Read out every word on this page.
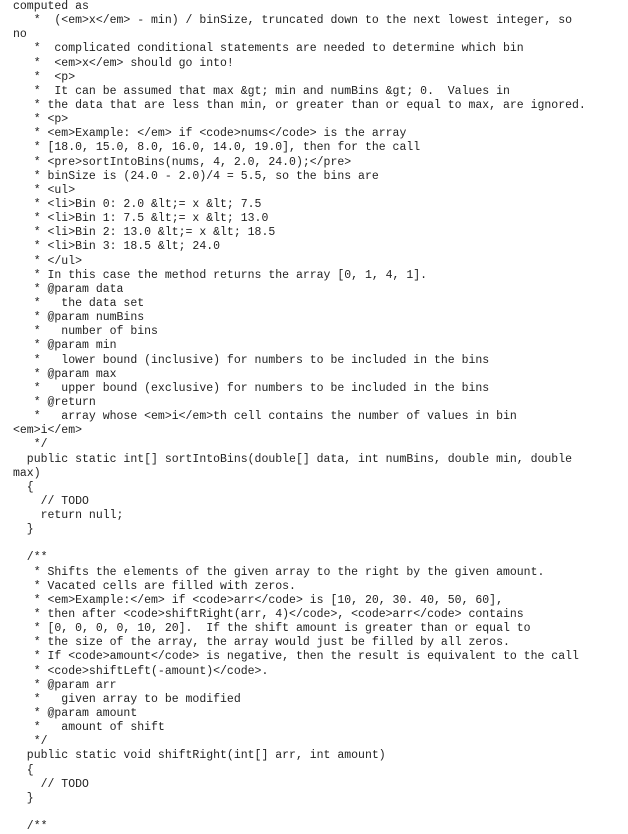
computed as
*  (<em>x</em> - min) / binSize, truncated down to the next lowest integer, so
no
*  complicated conditional statements are needed to determine which bin
*  <em>x</em> should go into!
*  <p>
*  It can be assumed that max &gt; min and numBins &gt; 0.  Values in
* the data that are less than min, or greater than or equal to max, are ignored.
* <p>
* <em>Example: </em> if <code>nums</code> is the array
* [18.0, 15.0, 8.0, 16.0, 14.0, 19.0], then for the call
* <pre>sortIntoBins(nums, 4, 2.0, 24.0);</pre>
* binSize is (24.0 - 2.0)/4 = 5.5, so the bins are
* <ul>
* <li>Bin 0: 2.0 &lt;= x &lt; 7.5
* <li>Bin 1: 7.5 &lt;= x &lt; 13.0
* <li>Bin 2: 13.0 &lt;= x &lt; 18.5
* <li>Bin 3: 18.5 &lt; 24.0
* </ul>
* In this case the method returns the array [0, 1, 4, 1].
* @param data
*   the data set
* @param numBins
*   number of bins
* @param min
*   lower bound (inclusive) for numbers to be included in the bins
* @param max
*   upper bound (exclusive) for numbers to be included in the bins
* @return
*   array whose <em>i</em>th cell contains the number of values in bin
<em>i</em>
*/
public static int[] sortIntoBins(double[] data, int numBins, double min, double
max)
{
// TODO
return null;
}
/**
* Shifts the elements of the given array to the right by the given amount.
* Vacated cells are filled with zeros.
* <em>Example:</em> if <code>arr</code> is [10, 20, 30. 40, 50, 60],
* then after <code>shiftRight(arr, 4)</code>, <code>arr</code> contains
* [0, 0, 0, 0, 10, 20].  If the shift amount is greater than or equal to
* the size of the array, the array would just be filled by all zeros.
* If <code>amount</code> is negative, then the result is equivalent to the call
* <code>shiftLeft(-amount)</code>.
* @param arr
*   given array to be modified
* @param amount
*   amount of shift
*/
public static void shiftRight(int[] arr, int amount)
{
// TODO
}
/**
